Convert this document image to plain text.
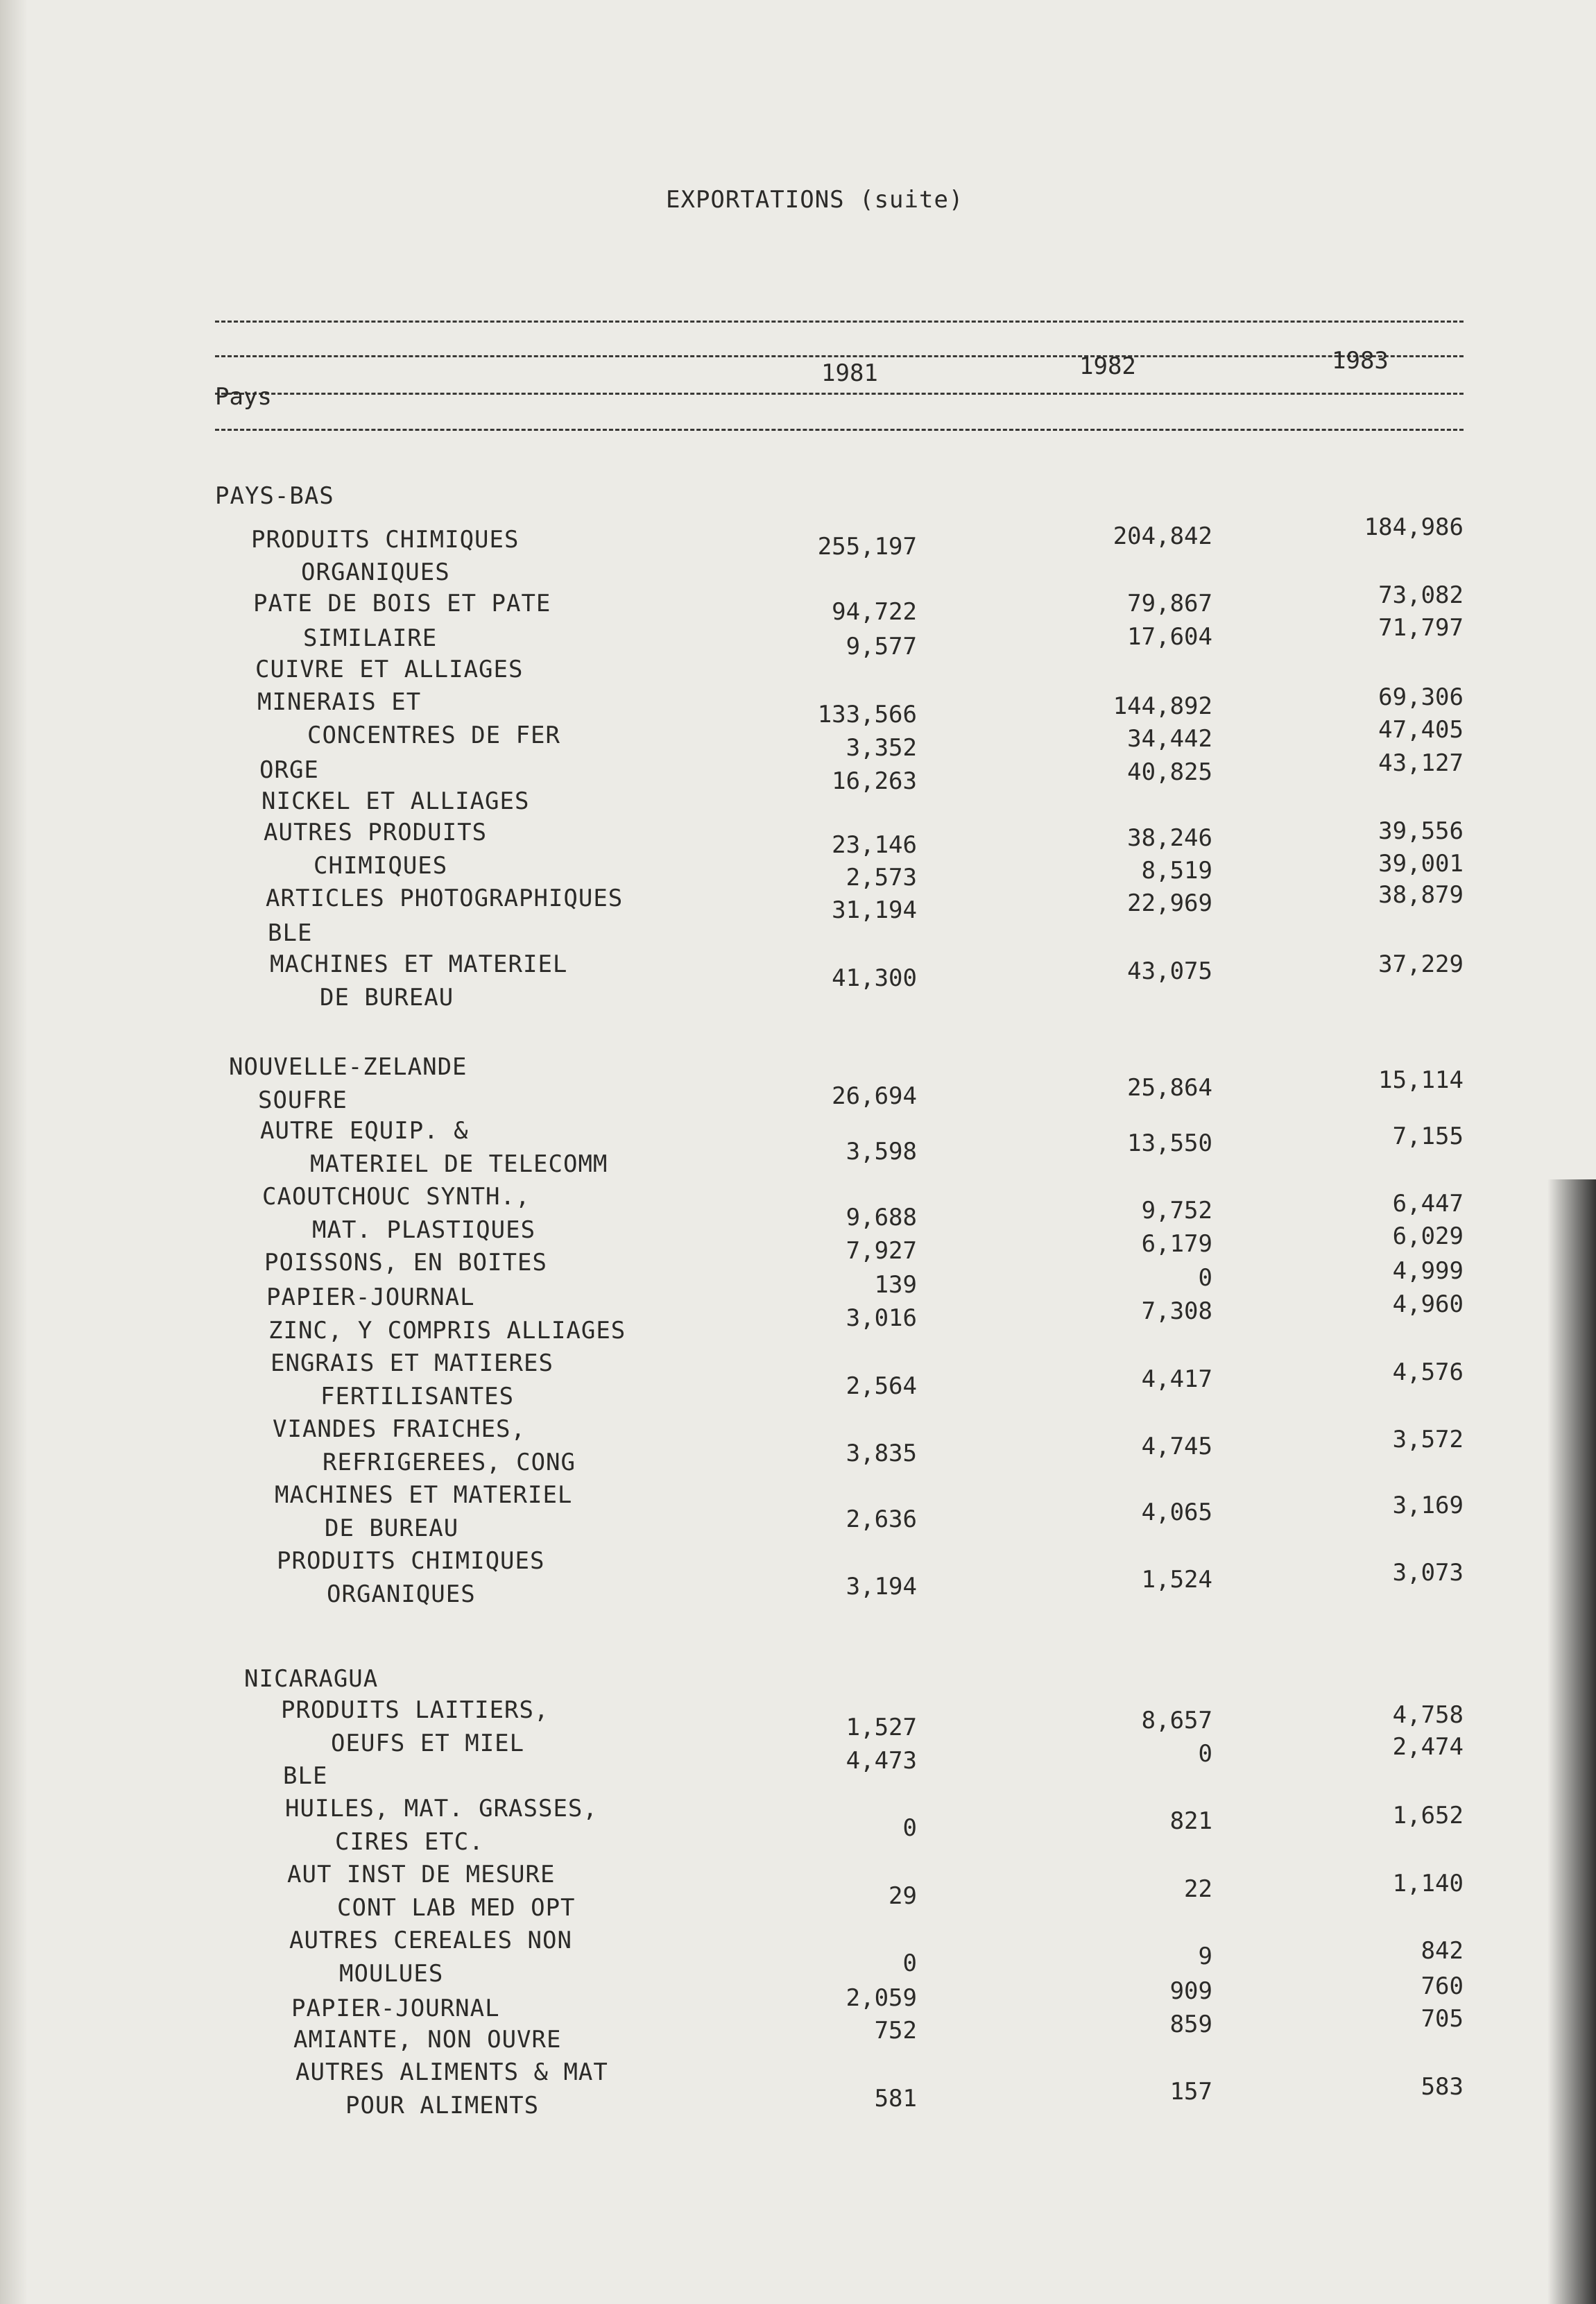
EXPORTATIONS (suite)
Pays
1981	1982	1983
PAYS-BAS
PRODUITS CHIMIQUES
ORGANIQUES
255,197	204,842	184,986
PATE DE BOIS ET PATE
SIMILAIRE
94,722	79,867	73,082
CUIVRE ET ALLIAGES
9,577	17,604	71,797
MINERAIS ET
CONCENTRES DE FER
133,566	144,892	69,306
ORGE
3,352	34,442	47,405
NICKEL ET ALLIAGES
16,263	40,825	43,127
AUTRES PRODUITS
CHIMIQUES
23,146	38,246	39,556
ARTICLES PHOTOGRAPHIQUES
2,573	8,519	39,001
BLE
31,194	22,969	38,879
MACHINES ET MATERIEL
DE BUREAU
41,300	43,075	37,229
NOUVELLE-ZELANDE
SOUFRE	26,694	25,864	15,114
AUTRE EQUIP. &
MATERIEL DE TELECOMM	3,598	13,550	7,155
CAOUTCHOUC SYNTH.,
MAT. PLASTIQUES	9,688	9,752	6,447
POISSONS, EN BOITES	7,927	6,179	6,029
PAPIER-JOURNAL	139	0	4,999
ZINC, Y COMPRIS ALLIAGES	3,016	7,308	4,960
ENGRAIS ET MATIERES
FERTILISANTES	2,564	4,417	4,576
VIANDES FRAICHES,
REFRIGEREES, CONG	3,835	4,745	3,572
MACHINES ET MATERIEL
DE BUREAU	2,636	4,065	3,169
PRODUITS CHIMIQUES
ORGANIQUES	3,194	1,524	3,073
NICARAGUA
PRODUITS LAITIERS,
OEUFS ET MIEL
1,527	8,657	4,758
BLE
4,473	0	2,474
HUILES, MAT. GRASSES,
CIRES ETC.	0	821	1,652
AUT INST DE MESURE
CONT LAB MED OPT	29	22	1,140
AUTRES CEREALES NON
MOULUES	0	9	842
PAPIER-JOURNAL	2,059	909	760
AMIANTE, NON OUVRE	752	859	705
AUTRES ALIMENTS & MAT
POUR ALIMENTS	581	157	583
